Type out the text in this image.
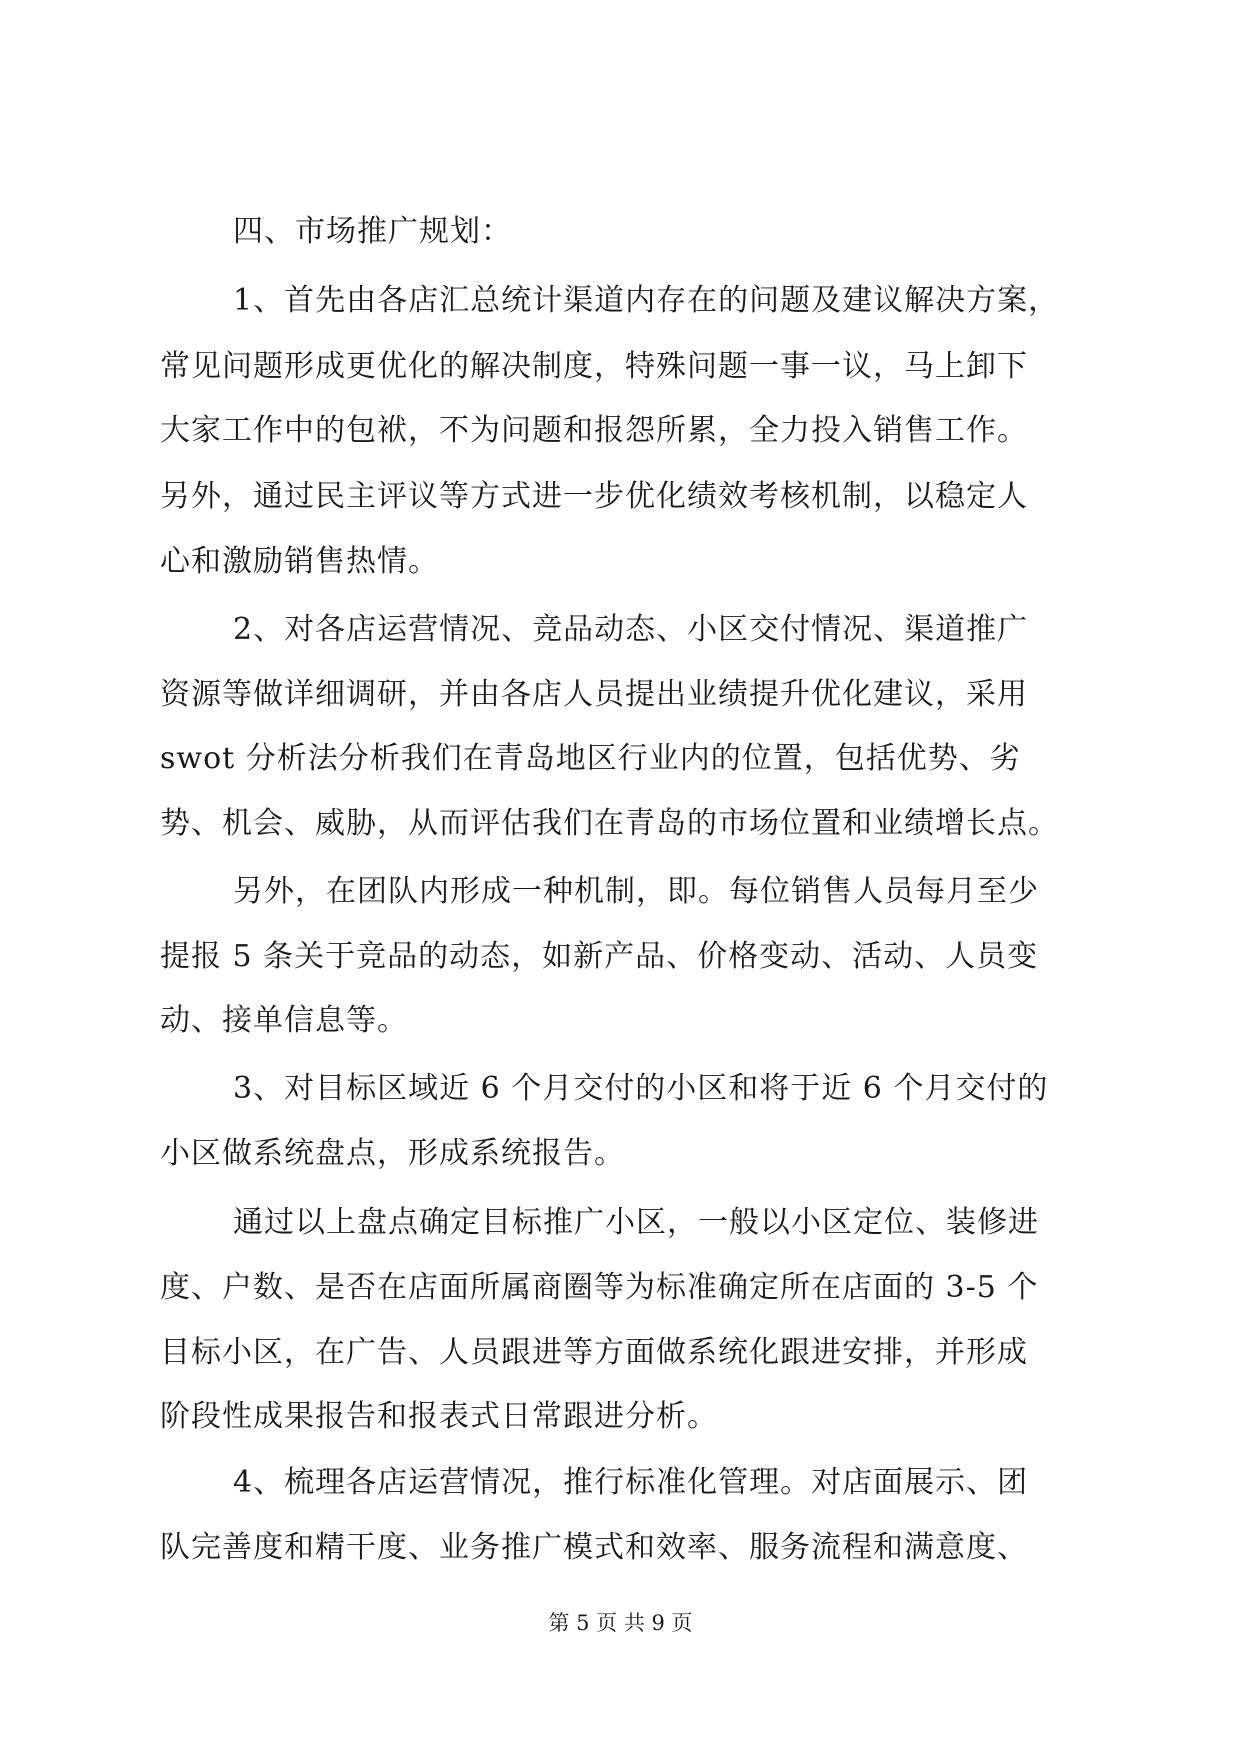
四、市场推广规划：
1、首先由各店汇总统计渠道内存在的问题及建议解决方案，
常见问题形成更优化的解决制度，特殊问题一事一议，马上卸下
大家工作中的包袱，不为问题和报怨所累，全力投入销售工作。
另外，通过民主评议等方式进一步优化绩效考核机制，以稳定人
心和激励销售热情。
2、对各店运营情况、竞品动态、小区交付情况、渠道推广
资源等做详细调研，并由各店人员提出业绩提升优化建议，采用
swot 分析法分析我们在青岛地区行业内的位置，包括优势、劣
势、机会、威胁，从而评估我们在青岛的市场位置和业绩增长点。
另外，在团队内形成一种机制，即。每位销售人员每月至少
提报 5 条关于竞品的动态，如新产品、价格变动、活动、人员变
动、接单信息等。
3、对目标区域近 6 个月交付的小区和将于近 6 个月交付的
小区做系统盘点，形成系统报告。
通过以上盘点确定目标推广小区，一般以小区定位、装修进
度、户数、是否在店面所属商圈等为标准确定所在店面的 3-5 个
目标小区，在广告、人员跟进等方面做系统化跟进安排，并形成
阶段性成果报告和报表式日常跟进分析。
4、梳理各店运营情况，推行标准化管理。对店面展示、团
队完善度和精干度、业务推广模式和效率、服务流程和满意度、
第 5 页 共 9 页
